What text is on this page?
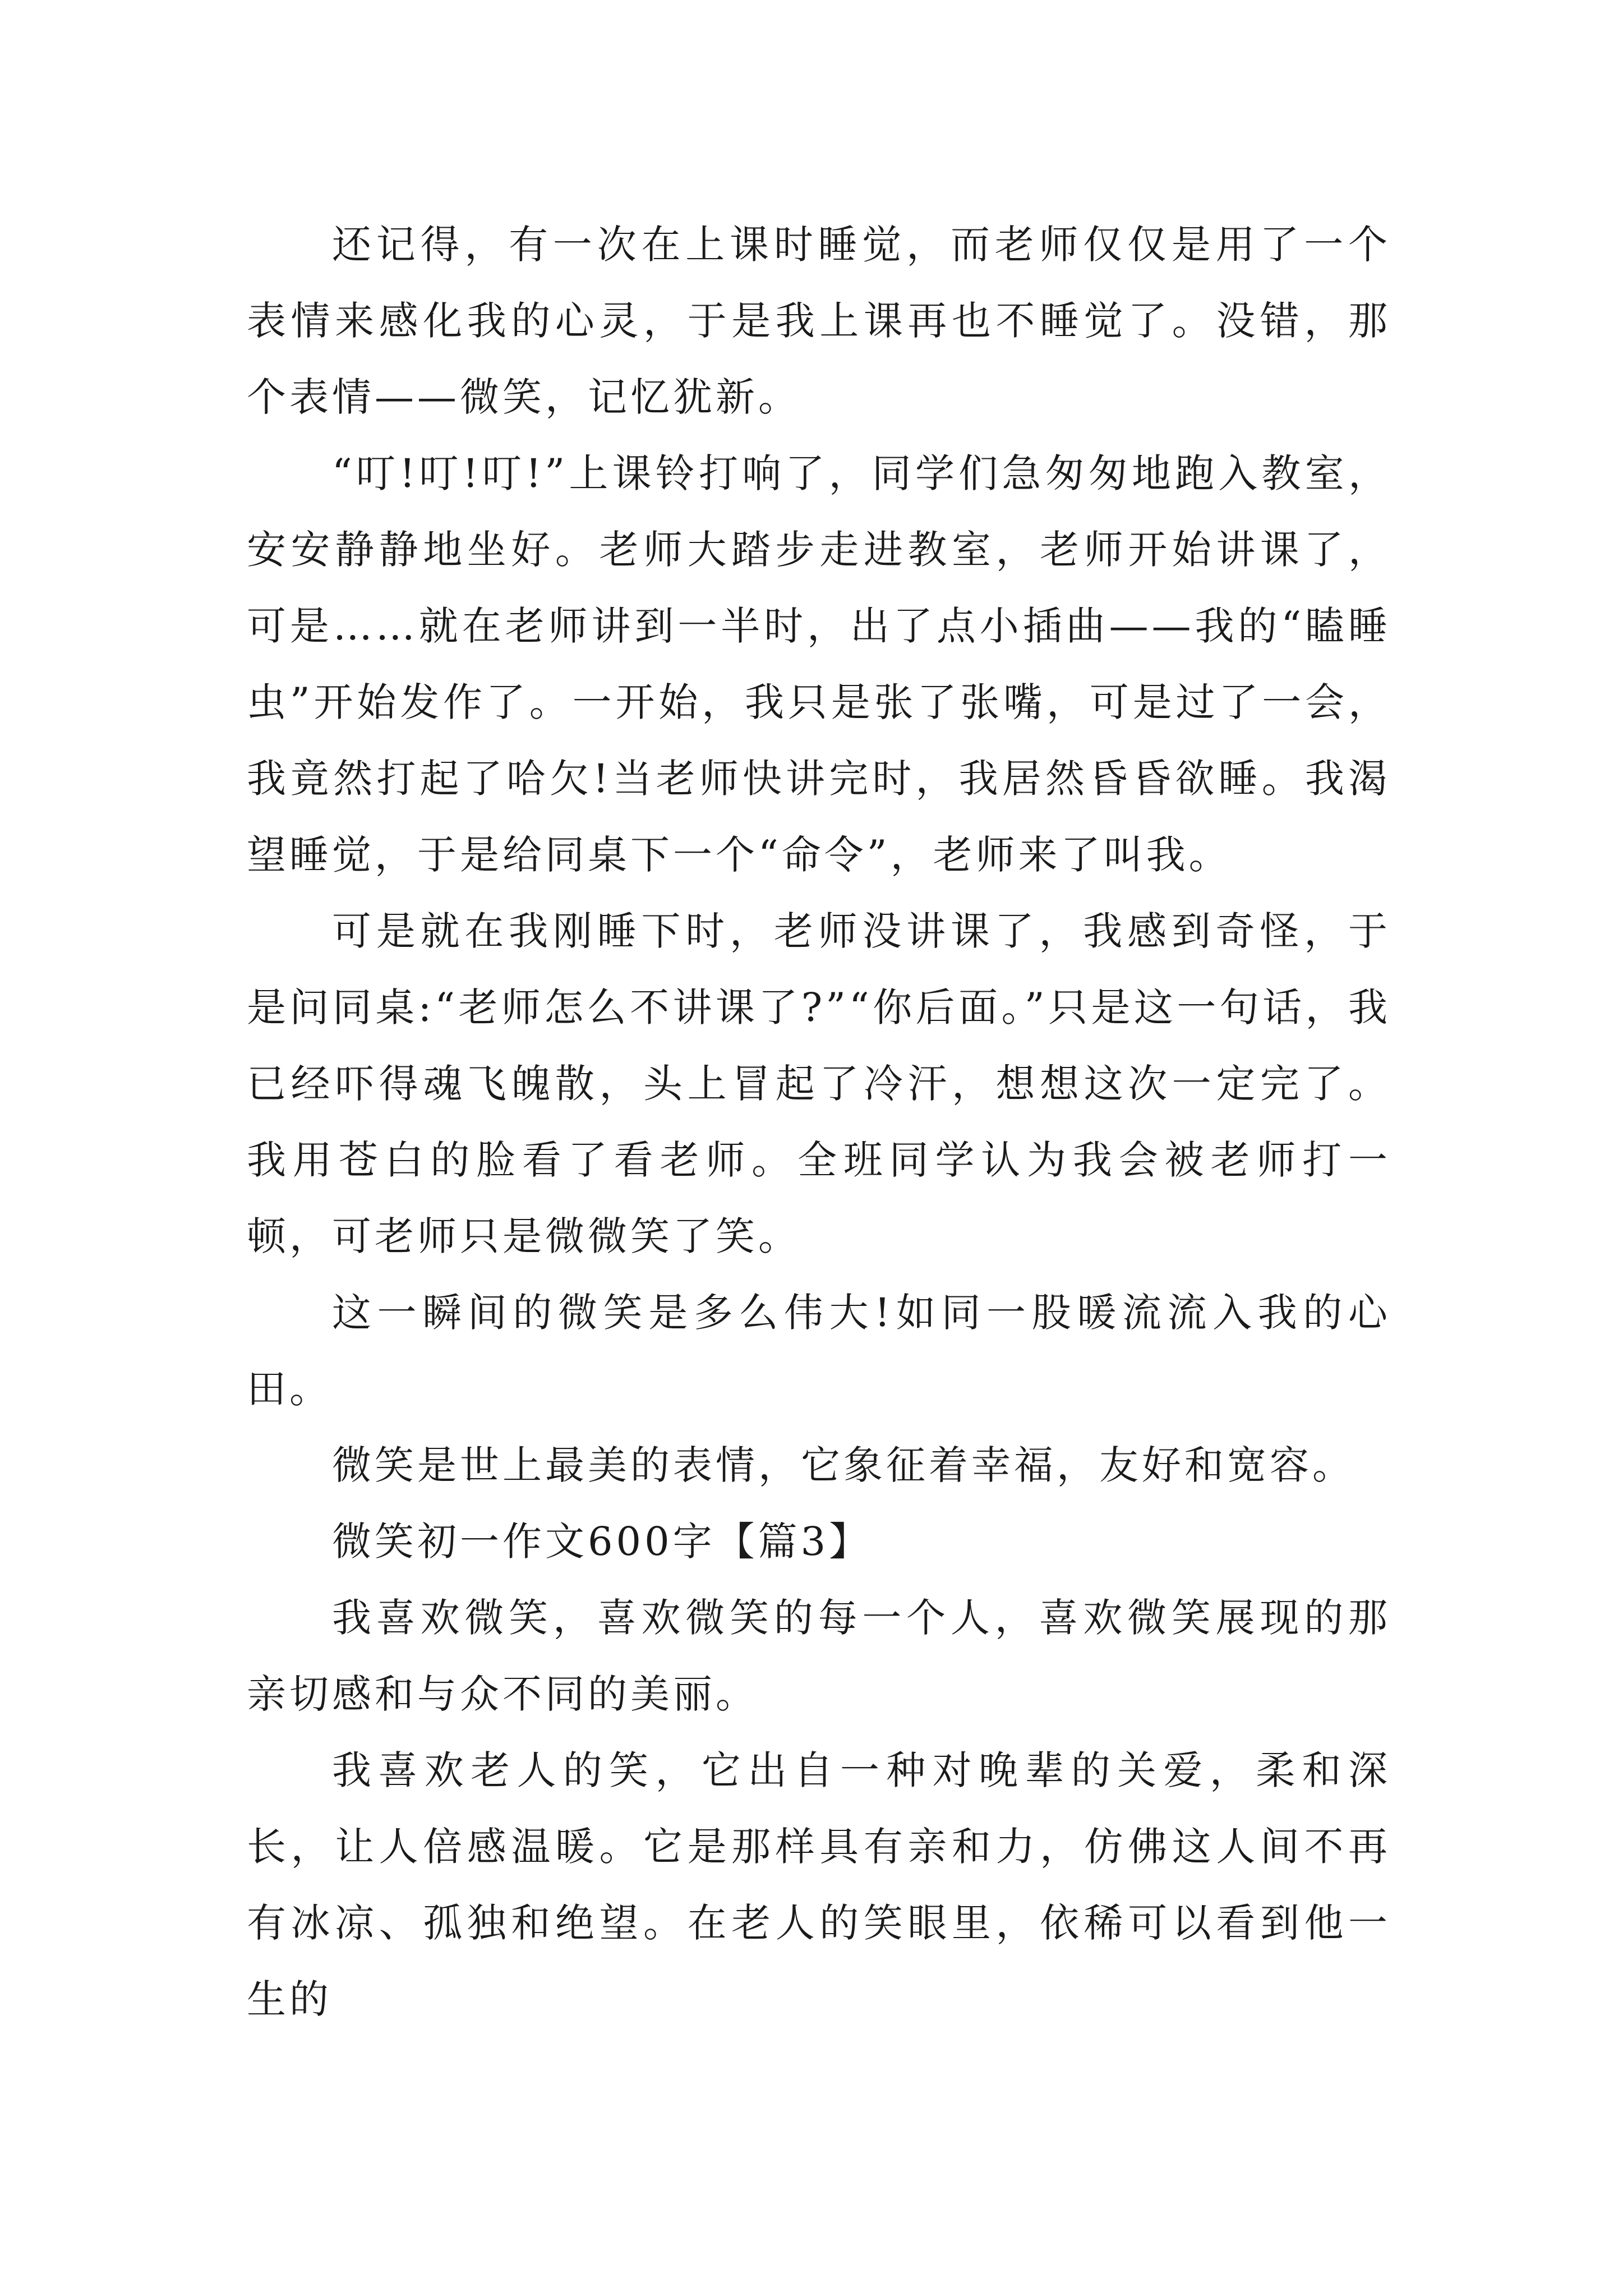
还记得，有一次在上课时睡觉，而老师仅仅是用了一个表情来感化我的心灵，于是我上课再也不睡觉了。没错，那个表情——微笑，记忆犹新。

“叮!叮!叮!”上课铃打响了，同学们急匆匆地跑入教室，安安静静地坐好。老师大踏步走进教室，老师开始讲课了，可是……就在老师讲到一半时，出了点小插曲——我的“瞌睡虫”开始发作了。一开始，我只是张了张嘴，可是过了一会，我竟然打起了哈欠!当老师快讲完时，我居然昏昏欲睡。我渴望睡觉，于是给同桌下一个“命令”，老师来了叫我。

可是就在我刚睡下时，老师没讲课了，我感到奇怪，于是问同桌:“老师怎么不讲课了?”“你后面。”只是这一句话，我已经吓得魂飞魄散，头上冒起了冷汗，想想这次一定完了。我用苍白的脸看了看老师。全班同学认为我会被老师打一顿，可老师只是微微笑了笑。

这一瞬间的微笑是多么伟大!如同一股暖流流入我的心田。

微笑是世上最美的表情，它象征着幸福，友好和宽容。

微笑初一作文600字【篇3】

我喜欢微笑，喜欢微笑的每一个人，喜欢微笑展现的那亲切感和与众不同的美丽。

我喜欢老人的笑，它出自一种对晚辈的关爱，柔和深长，让人倍感温暖。它是那样具有亲和力，仿佛这人间不再有冰凉、孤独和绝望。在老人的笑眼里，依稀可以看到他一生的
